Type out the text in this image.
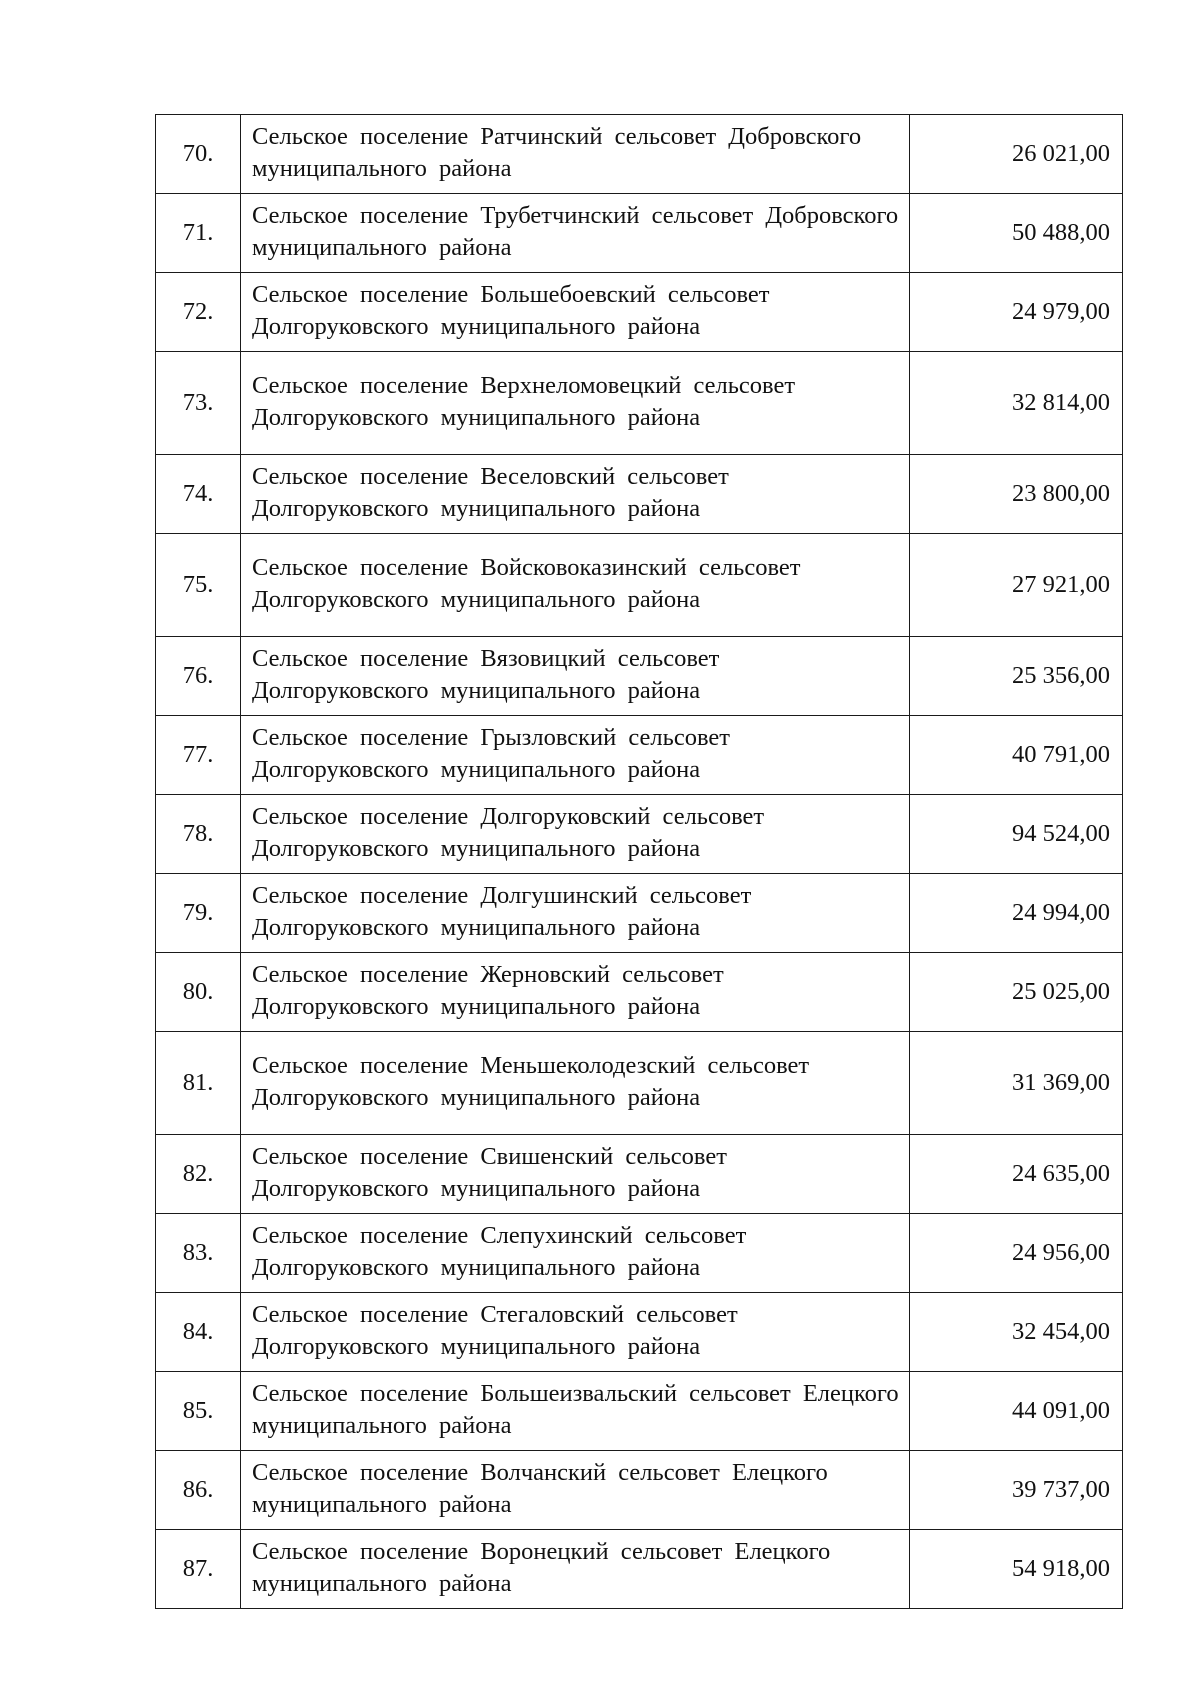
70.	Сельское поселение Ратчинский сельсовет Добровского муниципального района	26 021,00
71.	Сельское поселение Трубетчинский сельсовет Добровского муниципального района	50 488,00
72.	Сельское поселение Большебоевский сельсовет Долгоруковского муниципального района	24 979,00
73.	Сельское поселение Верхнеломовецкий сельсовет Долгоруковского муниципального района	32 814,00
74.	Сельское поселение Веселовский сельсовет Долгоруковского муниципального района	23 800,00
75.	Сельское поселение Войсковоказинский сельсовет Долгоруковского муниципального района	27 921,00
76.	Сельское поселение Вязовицкий сельсовет Долгоруковского муниципального района	25 356,00
77.	Сельское поселение Грызловский сельсовет Долгоруковского муниципального района	40 791,00
78.	Сельское поселение Долгоруковский сельсовет Долгоруковского муниципального района	94 524,00
79.	Сельское поселение Долгушинский сельсовет Долгоруковского муниципального района	24 994,00
80.	Сельское поселение Жерновский сельсовет Долгоруковского муниципального района	25 025,00
81.	Сельское поселение Меньшеколодезский сельсовет Долгоруковского муниципального района	31 369,00
82.	Сельское поселение Свишенский сельсовет Долгоруковского муниципального района	24 635,00
83.	Сельское поселение Слепухинский сельсовет Долгоруковского муниципального района	24 956,00
84.	Сельское поселение Стегаловский сельсовет Долгоруковского муниципального района	32 454,00
85.	Сельское поселение Большеизвальский сельсовет Елецкого муниципального района	44 091,00
86.	Сельское поселение Волчанский сельсовет Елецкого муниципального района	39 737,00
87.	Сельское поселение Воронецкий сельсовет Елецкого муниципального района	54 918,00
